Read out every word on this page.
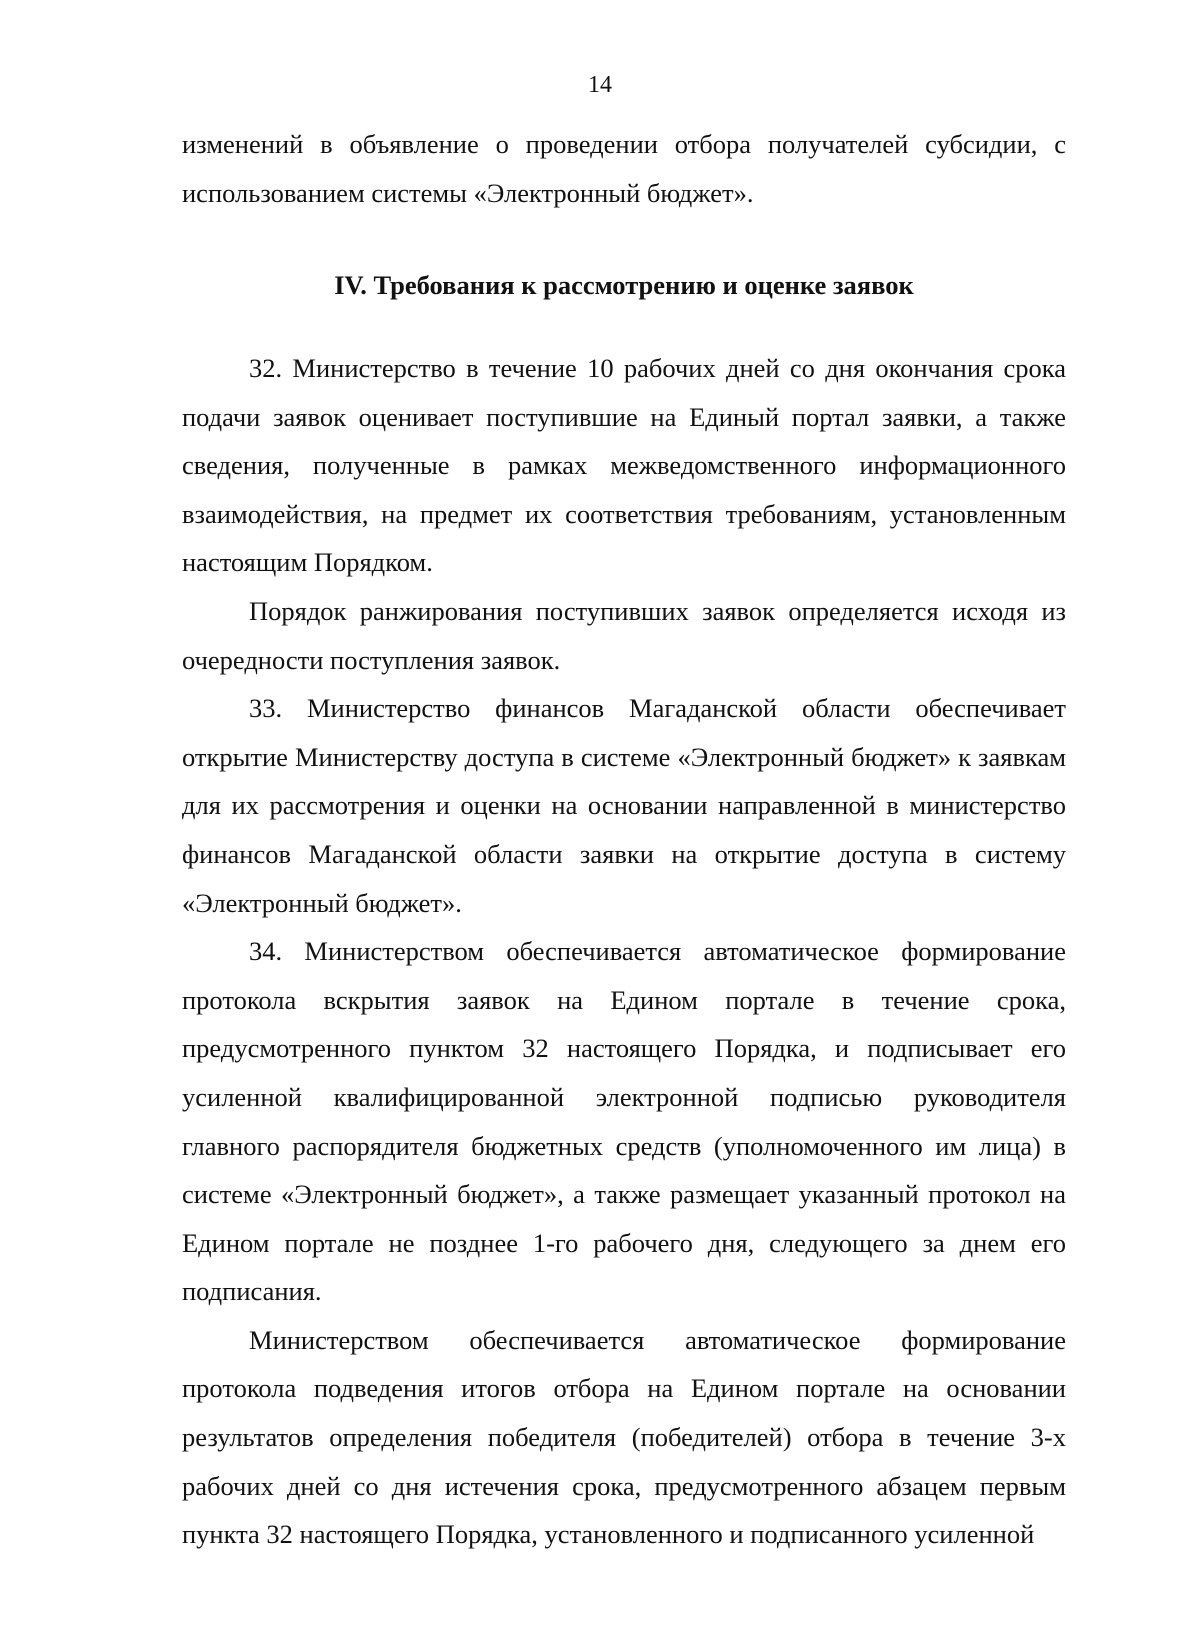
14

изменений в объявление о проведении отбора получателей субсидии, с использованием системы «Электронный бюджет».

IV. Требования к рассмотрению и оценке заявок

32. Министерство в течение 10 рабочих дней со дня окончания срока подачи заявок оценивает поступившие на Единый портал заявки, а также сведения, полученные в рамках межведомственного информационного взаимодействия, на предмет их соответствия требованиям, установленным настоящим Порядком.

Порядок ранжирования поступивших заявок определяется исходя из очередности поступления заявок.

33. Министерство финансов Магаданской области обеспечивает открытие Министерству доступа в системе «Электронный бюджет» к заявкам для их рассмотрения и оценки на основании направленной в министерство финансов Магаданской области заявки на открытие доступа в систему «Электронный бюджет».

34. Министерством обеспечивается автоматическое формирование протокола вскрытия заявок на Едином портале в течение срока, предусмотренного пунктом 32 настоящего Порядка, и подписывает его усиленной квалифицированной электронной подписью руководителя главного распорядителя бюджетных средств (уполномоченного им лица) в системе «Электронный бюджет», а также размещает указанный протокол на Едином портале не позднее 1-го рабочего дня, следующего за днем его подписания.

Министерством обеспечивается автоматическое формирование протокола подведения итогов отбора на Едином портале на основании результатов определения победителя (победителей) отбора в течение 3-х рабочих дней со дня истечения срока, предусмотренного абзацем первым пункта 32 настоящего Порядка, установленного и подписанного усиленной
